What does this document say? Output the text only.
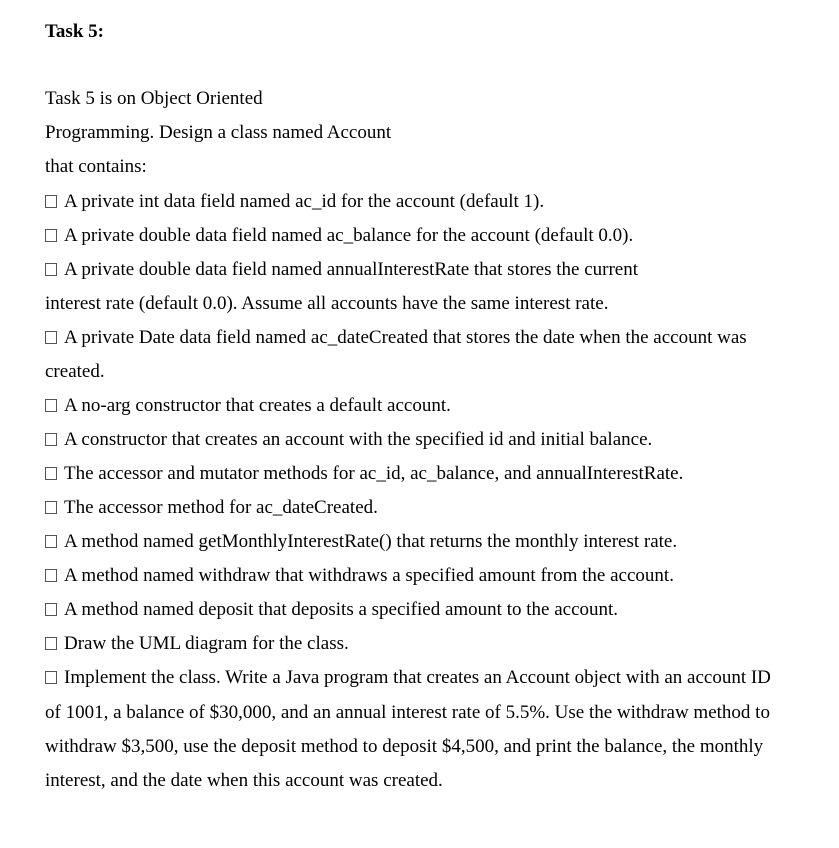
Task 5:
Task 5 is on Object Oriented
Programming. Design a class named Account
that contains:
A private int data field named ac_id for the account (default 1).
A private double data field named ac_balance for the account (default 0.0).
A private double data field named annualInterestRate that stores the current
interest rate (default 0.0). Assume all accounts have the same interest rate.
A private Date data field named ac_dateCreated that stores the date when the account was
created.
A no-arg constructor that creates a default account.
A constructor that creates an account with the specified id and initial balance.
The accessor and mutator methods for ac_id, ac_balance, and annualInterestRate.
The accessor method for ac_dateCreated.
A method named getMonthlyInterestRate() that returns the monthly interest rate.
A method named withdraw that withdraws a specified amount from the account.
A method named deposit that deposits a specified amount to the account.
Draw the UML diagram for the class.
Implement the class. Write a Java program that creates an Account object with an account ID
of 1001, a balance of $30,000, and an annual interest rate of 5.5%. Use the withdraw method to
withdraw $3,500, use the deposit method to deposit $4,500, and print the balance, the monthly
interest, and the date when this account was created.
